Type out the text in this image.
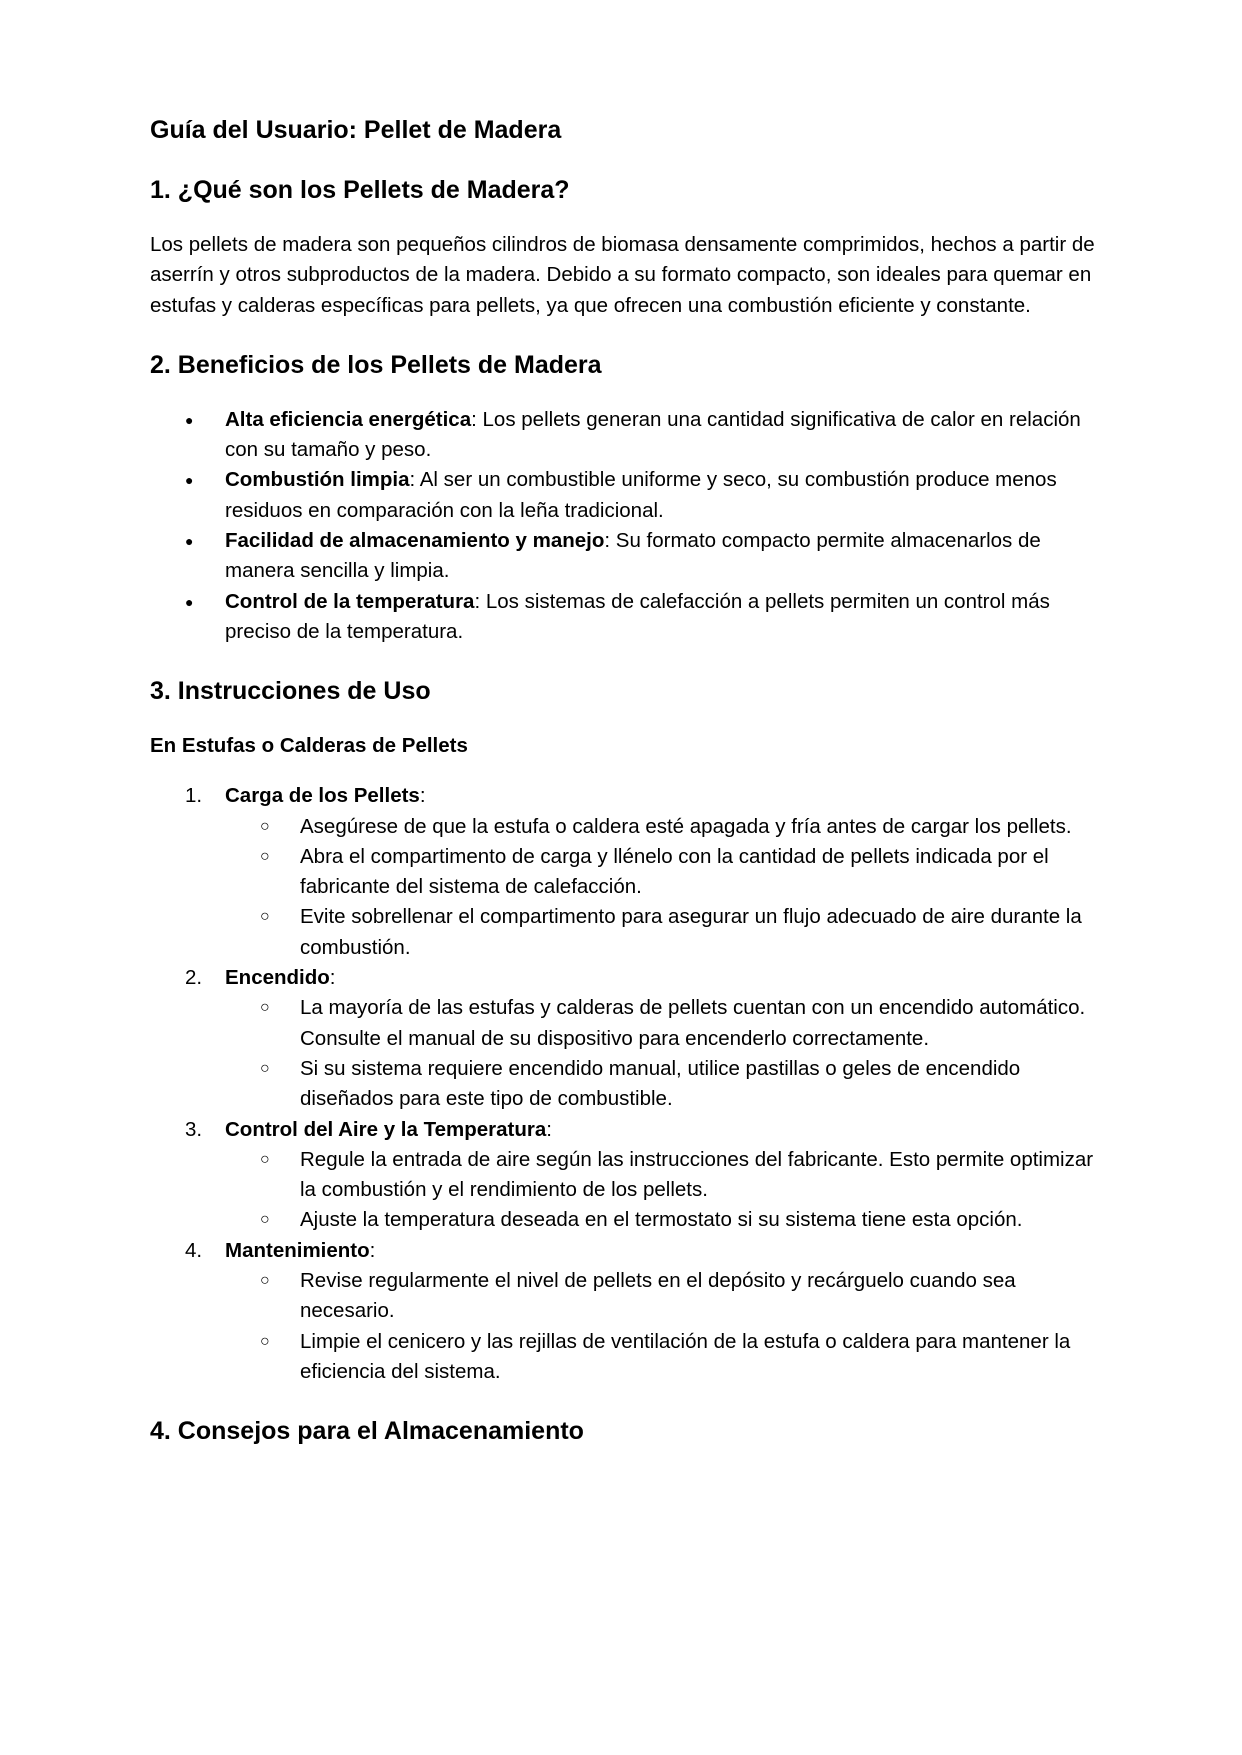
Guía del Usuario: Pellet de Madera
1. ¿Qué son los Pellets de Madera?

Los pellets de madera son pequeños cilindros de biomasa densamente comprimidos, hechos a partir de aserrín y otros subproductos de la madera. Debido a su formato compacto, son ideales para quemar en estufas y calderas específicas para pellets, ya que ofrecen una combustión eficiente y constante.

2. Beneficios de los Pellets de Madera
● Alta eficiencia energética: Los pellets generan una cantidad significativa de calor en relación con su tamaño y peso.
● Combustión limpia: Al ser un combustible uniforme y seco, su combustión produce menos residuos en comparación con la leña tradicional.
● Facilidad de almacenamiento y manejo: Su formato compacto permite almacenarlos de manera sencilla y limpia.
● Control de la temperatura: Los sistemas de calefacción a pellets permiten un control más preciso de la temperatura.
3. Instrucciones de Uso
En Estufas o Calderas de Pellets
1. Carga de los Pellets:
○ Asegúrese de que la estufa o caldera esté apagada y fría antes de cargar los pellets.
○ Abra el compartimento de carga y llénelo con la cantidad de pellets indicada por el fabricante del sistema de calefacción.
○ Evite sobrellenar el compartimento para asegurar un flujo adecuado de aire durante la combustión.
2. Encendido:
○ La mayoría de las estufas y calderas de pellets cuentan con un encendido automático. Consulte el manual de su dispositivo para encenderlo correctamente.
○ Si su sistema requiere encendido manual, utilice pastillas o geles de encendido diseñados para este tipo de combustible.
3. Control del Aire y la Temperatura:
○ Regule la entrada de aire según las instrucciones del fabricante. Esto permite optimizar la combustión y el rendimiento de los pellets.
○ Ajuste la temperatura deseada en el termostato si su sistema tiene esta opción.
4. Mantenimiento:
○ Revise regularmente el nivel de pellets en el depósito y recárguelo cuando sea necesario.
○ Limpie el cenicero y las rejillas de ventilación de la estufa o caldera para mantener la eficiencia del sistema.
4. Consejos para el Almacenamiento
